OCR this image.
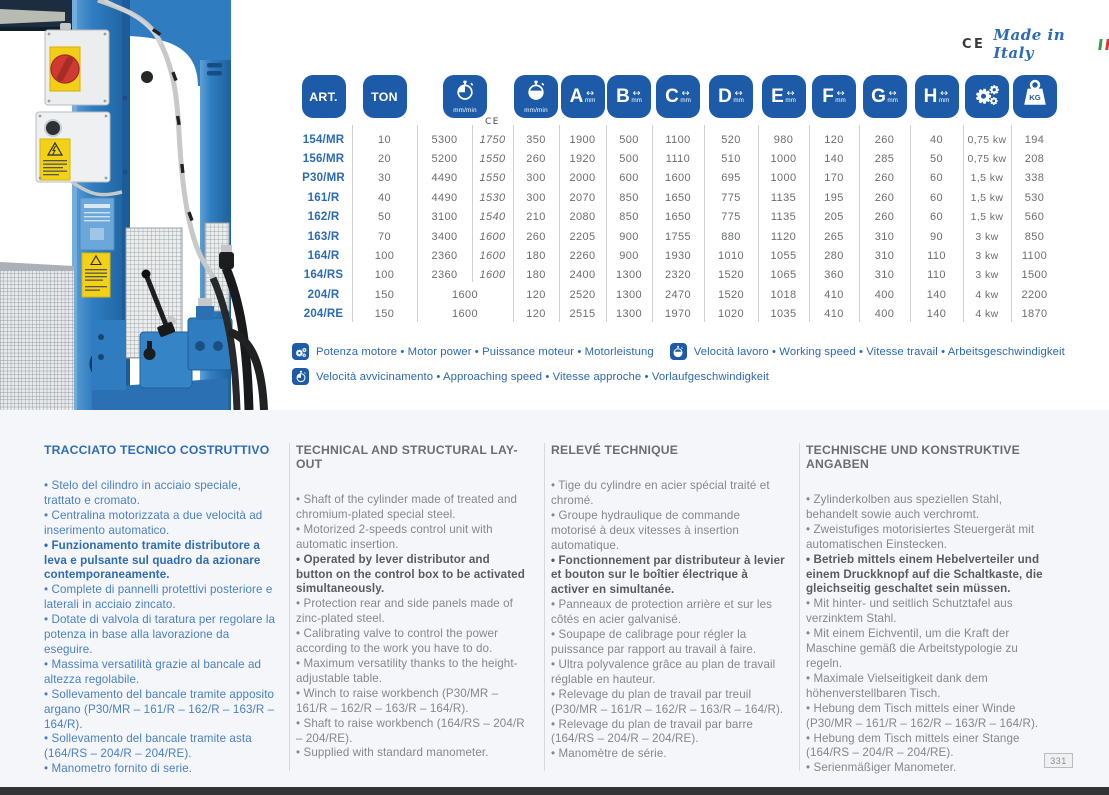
CE Made in Italy
ART.	TON
mm/min	mm/min
A ↔
mm B ↔
mm C ↔
mm D ↔
mm E ↔
mm F ↔
mm G ↔
mm H ↔
mm	KG
CE
154/MR	10	5300	1750	350	1900	500	1100	520	980	120	260	40	0,75 kw	194
156/MR	20	5200	1550	260	1920	500	1110	510	1000	140	285	50	0,75 kw	208
P30/MR	30	4490	1550	300	2000	600	1600	695	1000	170	260	60	1,5 kw	338
161/R	40	4490	1530	300	2070	850	1650	775	1135	195	260	60	1,5 kw	530
162/R	50	3100	1540	210	2080	850	1650	775	1135	205	260	60	1,5 kw	560
163/R	70	3400	1600	260	2205	900	1755	880	1120	265	310	90	3 kw	850
164/R	100	2360	1600	180	2260	900	1930	1010	1055	280	310	110	3 kw	1100
164/RS	100	2360	1600	180	2400	1300	2320	1520	1065	360	310	110	3 kw	1500
204/R	150	1600	120	2520	1300	2470	1520	1018	410	400	140	4 kw	2200
204/RE	150	1600	120	2515	1300	1970	1020	1035	410	400	140	4 kw	1870
Potenza motore • Motor power • Puissance moteur • Motorleistung	Velocità lavoro • Working speed • Vitesse travail • Arbeitsgeschwindigkeit
Velocità avvicinamento • Approaching speed • Vitesse approche • Vorlaufgeschwindigkeit
TRACCIATO TECNICO COSTRUTTIVO
• Stelo del cilindro in acciaio speciale, trattato e cromato.
• Centralina motorizzata a due velocità ad inserimento automatico.
• Funzionamento tramite distributore a leva e pulsante sul quadro da azionare contemporaneamente.
• Complete di pannelli protettivi posteriore e laterali in acciaio zincato.
• Dotate di valvola di taratura per regolare la potenza in base alla lavorazione da eseguire.
• Massima versatilità grazie al bancale ad altezza regolabile.
• Sollevamento del bancale tramite apposito argano (P30/MR – 161/R – 162/R – 163/R – 164/R).
• Sollevamento del bancale tramite asta (164/RS – 204/R – 204/RE).
• Manometro fornito di serie.
TECHNICAL AND STRUCTURAL LAY-OUT
• Shaft of the cylinder made of treated and chromium-plated special steel.
• Motorized 2-speeds control unit with automatic insertion.
• Operated by lever distributor and button on the control box to be activated simultaneously.
• Protection rear and side panels made of zinc-plated steel.
• Calibrating valve to control the power according to the work you have to do.
• Maximum versatility thanks to the height-adjustable table.
• Winch to raise workbench (P30/MR – 161/R – 162/R – 163/R – 164/R).
• Shaft to raise workbench (164/RS – 204/R – 204/RE).
• Supplied with standard manometer.
RELEVÉ TECHNIQUE
• Tige du cylindre en acier spécial traité et chromé.
• Groupe hydraulique de commande motorisé à deux vitesses à insertion automatique.
• Fonctionnement par distributeur à levier et bouton sur le boîtier électrique à activer en simultanée.
• Panneaux de protection arrière et sur les côtés en acier galvanisé.
• Soupape de calibrage pour régler la puissance par rapport au travail à faire.
• Ultra polyvalence grâce au plan de travail réglable en hauteur.
• Relevage du plan de travail par treuil (P30/MR – 161/R – 162/R – 163/R – 164/R).
• Relevage du plan de travail par barre (164/RS – 204/R – 204/RE).
• Manomètre de série.
TECHNISCHE UND KONSTRUKTIVE ANGABEN
• Zylinderkolben aus speziellen Stahl, behandelt sowie auch verchromt.
• Zweistufiges motorisiertes Steuergerät mit automatischen Einstecken.
• Betrieb mittels einem Hebelverteiler und einem Druckknopf auf die Schaltkaste, die gleichseitig geschaltet sein müssen.
• Mit hinter- und seitlich Schutztafel aus verzinktem Stahl.
• Mit einem Eichventil, um die Kraft der Maschine gemäß die Arbeitstypologie zu regeln.
• Maximale Vielseitigkeit dank dem höhenverstellbaren Tisch.
• Hebung dem Tisch mittels einer Winde (P30/MR – 161/R – 162/R – 163/R – 164/R).
• Hebung dem Tisch mittels einer Stange (164/RS – 204/R – 204/RE).
• Serienmäßiger Manometer.
331
